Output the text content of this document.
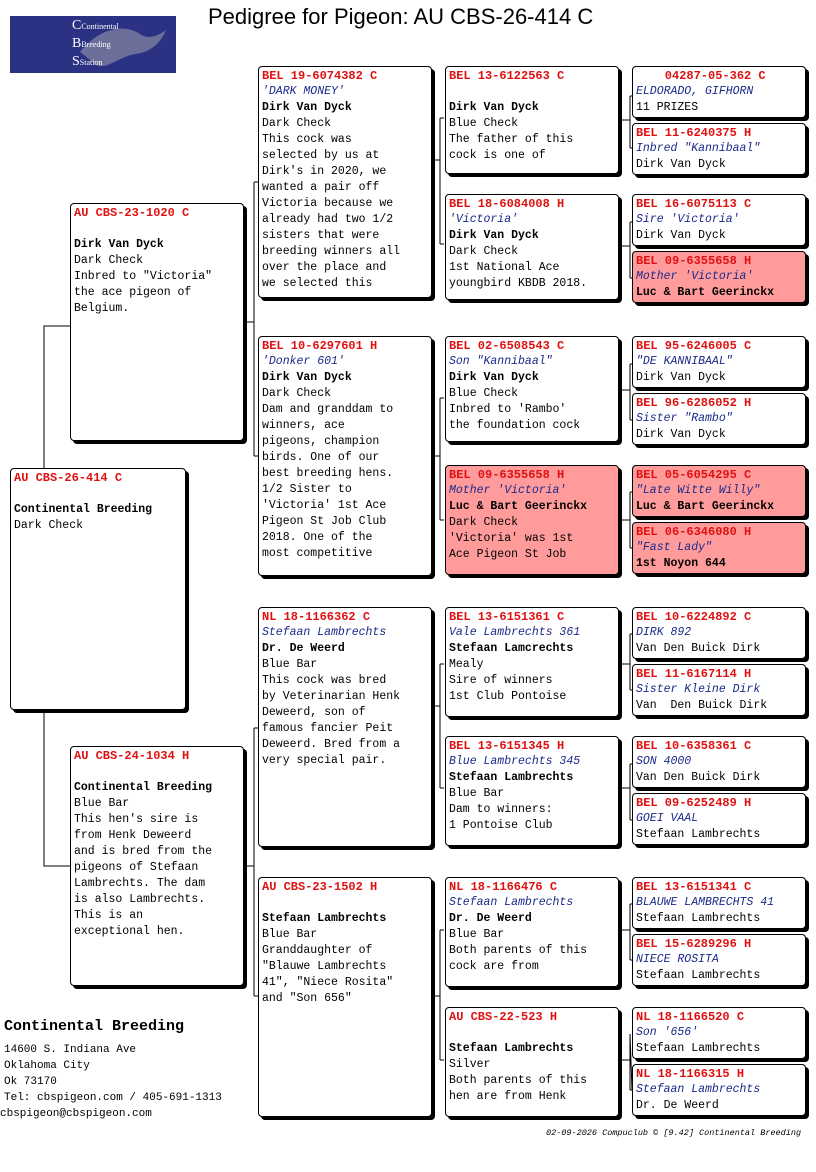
Pedigree for Pigeon: AU CBS-26-414 C
CContinental
BBreeding
SStation
AU CBS-26-414 C
Continental Breeding
Dark Check
AU CBS-23-1020 C
Dirk Van Dyck
Dark Check
Inbred to "Victoria"
the ace pigeon of
Belgium.
AU CBS-24-1034 H
Continental Breeding
Blue Bar
This hen's sire is
from Henk Deweerd
and is bred from the
pigeons of Stefaan
Lambrechts. The dam
is also Lambrechts.
This is an
exceptional hen.
BEL 19-6074382 C
'DARK MONEY'
Dirk Van Dyck
Dark Check
This cock was
selected by us at
Dirk's in 2020, we
wanted a pair off
Victoria because we
already had two 1/2
sisters that were
breeding winners all
over the place and
we selected this
BEL 10-6297601 H
'Donker 601'
Dirk Van Dyck
Dark Check
Dam and granddam to
winners, ace
pigeons, champion
birds. One of our
best breeding hens.
1/2 Sister to
'Victoria' 1st Ace
Pigeon St Job Club
2018. One of the
most competitive
NL 18-1166362 C
Stefaan Lambrechts
Dr. De Weerd
Blue Bar
This cock was bred
by Veterinarian Henk
Deweerd, son of
famous fancier Peit
Deweerd. Bred from a
very special pair.
AU CBS-23-1502 H
Stefaan Lambrechts
Blue Bar
Granddaughter of
"Blauwe Lambrechts
41", "Niece Rosita"
and "Son 656"
BEL 13-6122563 C
Dirk Van Dyck
Blue Check
The father of this
cock is one of
BEL 18-6084008 H
'Victoria'
Dirk Van Dyck
Dark Check
1st National Ace
youngbird KBDB 2018.
BEL 02-6508543 C
Son "Kannibaal"
Dirk Van Dyck
Blue Check
Inbred to 'Rambo'
the foundation cock
BEL 09-6355658 H
Mother 'Victoria'
Luc & Bart Geerinckx
Dark Check
'Victoria' was 1st
Ace Pigeon St Job
BEL 13-6151361 C
Vale Lambrechts 361
Stefaan Lamcrechts
Mealy
Sire of winners
1st Club Pontoise
BEL 13-6151345 H
Blue Lambrechts 345
Stefaan Lambrechts
Blue Bar
Dam to winners:
1 Pontoise Club
NL 18-1166476 C
Stefaan Lambrechts
Dr. De Weerd
Blue Bar
Both parents of this
cock are from
AU CBS-22-523 H
Stefaan Lambrechts
Silver
Both parents of this
hen are from Henk
04287-05-362 C
ELDORADO, GIFHORN
11 PRIZES
BEL 11-6240375 H
Inbred "Kannibaal"
Dirk Van Dyck
BEL 16-6075113 C
Sire 'Victoria'
Dirk Van Dyck
BEL 09-6355658 H
Mother 'Victoria'
Luc & Bart Geerinckx
BEL 95-6246005 C
"DE KANNIBAAL"
Dirk Van Dyck
BEL 96-6286052 H
Sister "Rambo"
Dirk Van Dyck
BEL 05-6054295 C
"Late Witte Willy"
Luc & Bart Geerinckx
BEL 06-6346080 H
"Fast Lady"
1st Noyon 644
BEL 10-6224892 C
DIRK 892
Van Den Buick Dirk
BEL 11-6167114 H
Sister Kleine Dirk
Van  Den Buick Dirk
BEL 10-6358361 C
SON 4000
Van Den Buick Dirk
BEL 09-6252489 H
GOEI VAAL
Stefaan Lambrechts
BEL 13-6151341 C
BLAUWE LAMBRECHTS 41
Stefaan Lambrechts
BEL 15-6289296 H
NIECE ROSITA
Stefaan Lambrechts
NL 18-1166520 C
Son '656'
Stefaan Lambrechts
NL 18-1166315 H
Stefaan Lambrechts
Dr. De Weerd
Continental Breeding
14600 S. Indiana Ave
Oklahoma City
Ok 73170
Tel: cbspigeon.com / 405-691-1313
cbspigeon@cbspigeon.com
02-09-2026 Compuclub © [9.42] Continental Breeding
